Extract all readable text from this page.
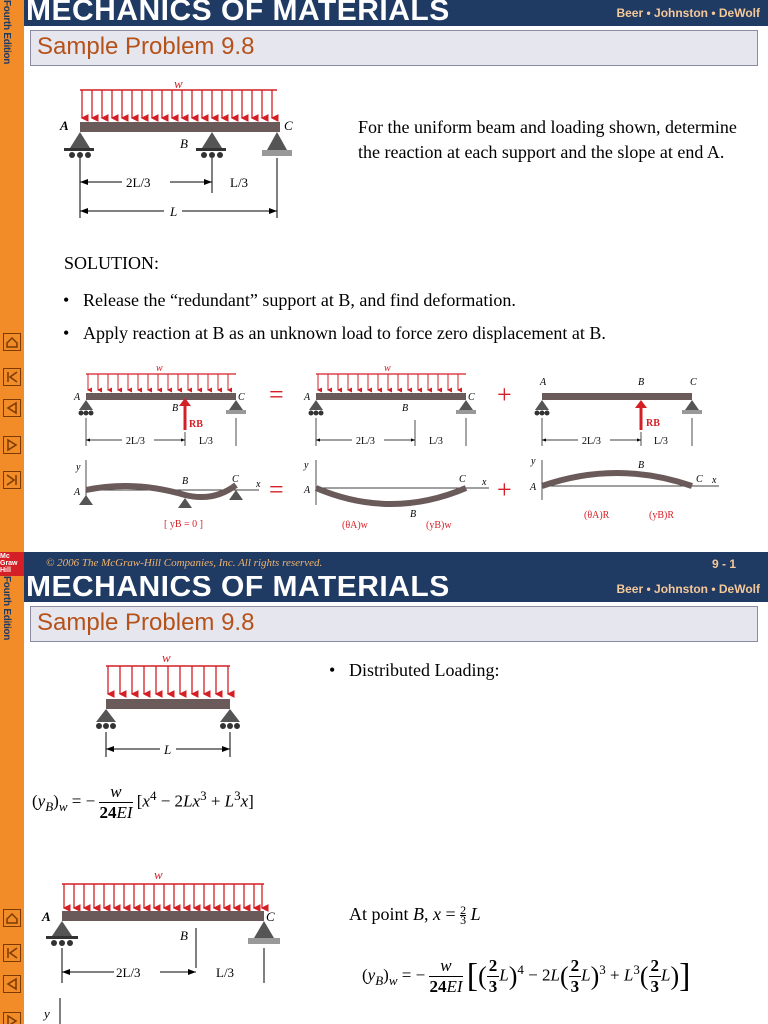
Fourth Edition MECHANICS OF MATERIALS	Beer • Johnston • DeWolf
Sample Problem 9.8
w
A	C
B
2L/3	L/3
L
For the uniform beam and loading shown, determine the reaction at each support and the slope at end A.
SOLUTION:
• Release the “redundant” support at B, and find deformation.
• Apply reaction at B as an unknown load to force zero displacement at B.
w
A	C
B
RB
2L/3	L/3
=
w
A	C
B
2L/3	L/3
+	A	B	C
RB
2L/3	L/3
y
x
A
B	C
[ yB = 0 ]
=
y
x
A
B
C
(θA)w	(yB)w
+
y
x
A
B
C
(θA)R	(yB)R
Mc Graw Hill
© 2006 The McGraw-Hill Companies, Inc. All rights reserved.	9 - 1
Fourth Edition MECHANICS OF MATERIALS	Beer • Johnston • DeWolf
Sample Problem 9.8
w
L
• Distributed Loading:
$(y_B)_w$ = − $\frac{w}{24EI} [x^4 - 2Lx^3 + L^3x]$
w
A	C
B
2L/3	L/3
y
At point B, $x = \frac{2}{3}$ L
$(y_B)_w$ = − $\frac{w}{24EI}$ [( $\frac{2}{3} L)^4 - 2L( \frac{2}{3} L)^3 + L^3( \frac{2}{3} L)$]
